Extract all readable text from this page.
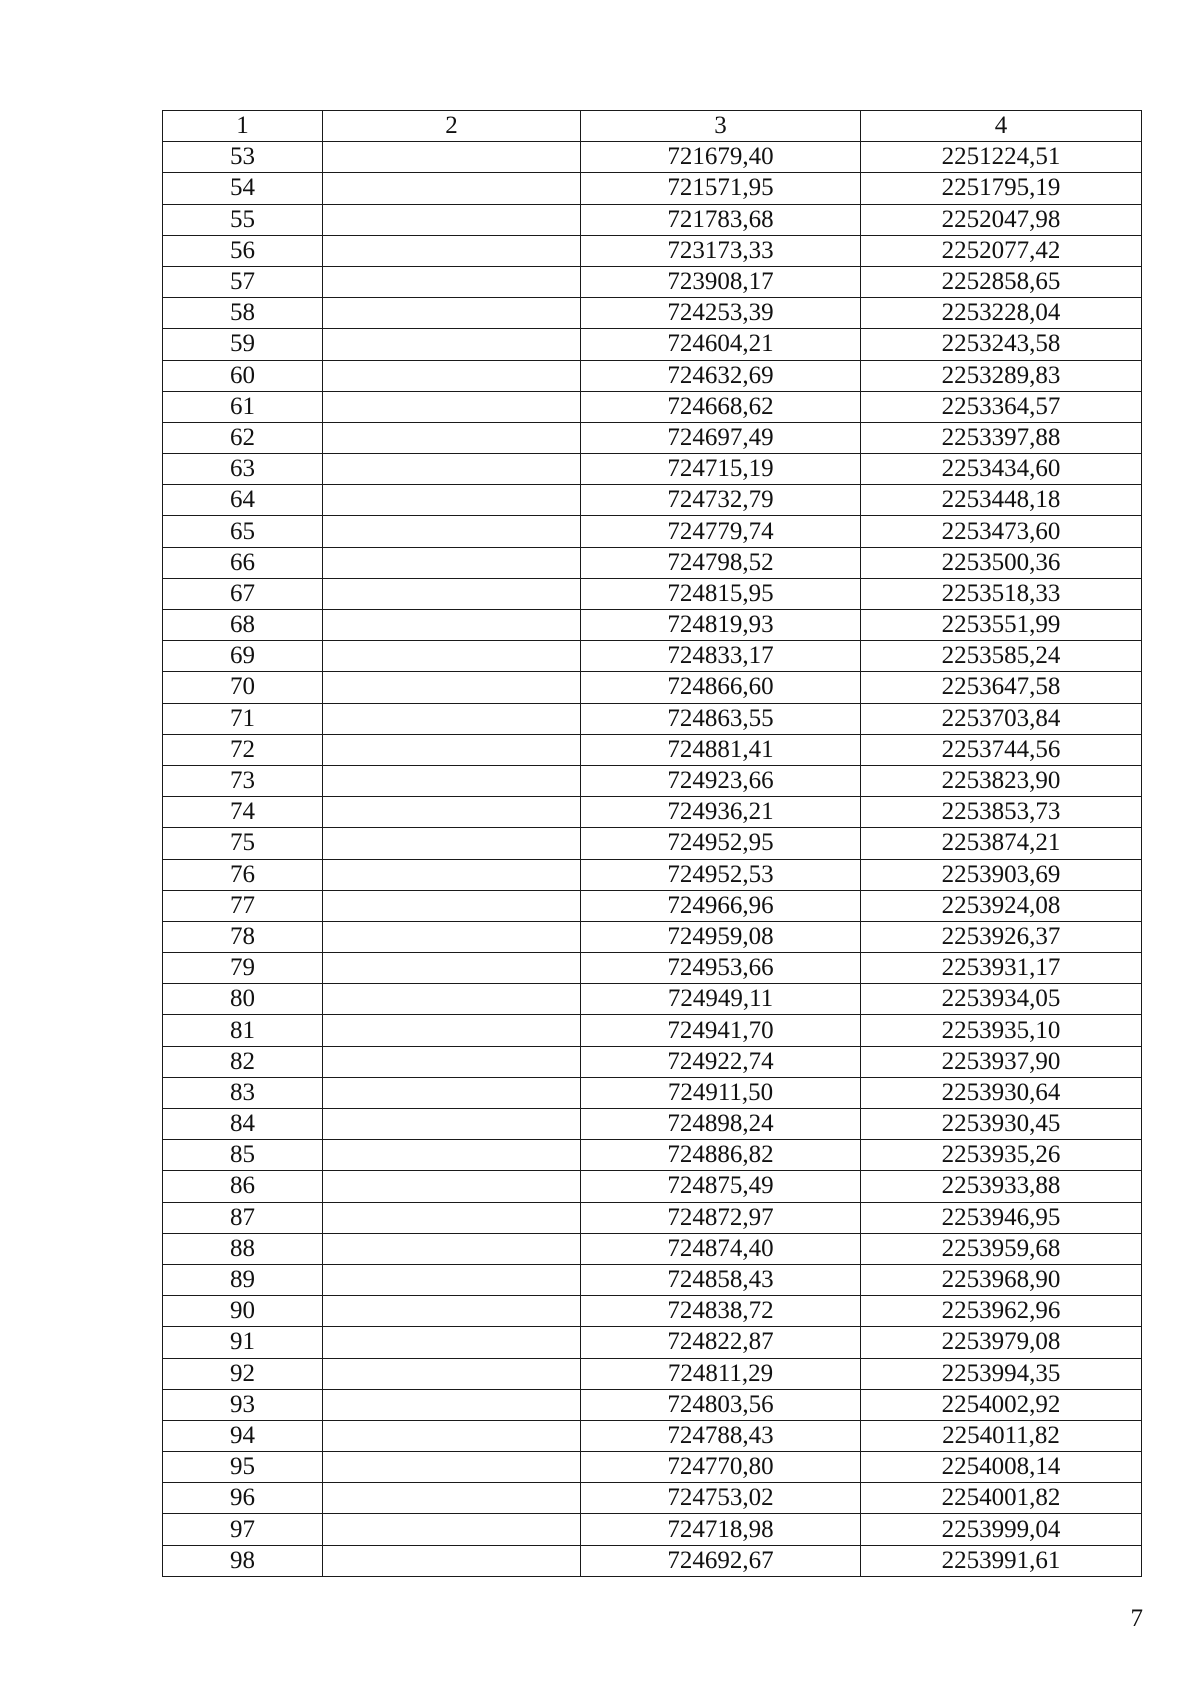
1	2	3	4
53		721679,40	2251224,51
54		721571,95	2251795,19
55		721783,68	2252047,98
56		723173,33	2252077,42
57		723908,17	2252858,65
58		724253,39	2253228,04
59		724604,21	2253243,58
60		724632,69	2253289,83
61		724668,62	2253364,57
62		724697,49	2253397,88
63		724715,19	2253434,60
64		724732,79	2253448,18
65		724779,74	2253473,60
66		724798,52	2253500,36
67		724815,95	2253518,33
68		724819,93	2253551,99
69		724833,17	2253585,24
70		724866,60	2253647,58
71		724863,55	2253703,84
72		724881,41	2253744,56
73		724923,66	2253823,90
74		724936,21	2253853,73
75		724952,95	2253874,21
76		724952,53	2253903,69
77		724966,96	2253924,08
78		724959,08	2253926,37
79		724953,66	2253931,17
80		724949,11	2253934,05
81		724941,70	2253935,10
82		724922,74	2253937,90
83		724911,50	2253930,64
84		724898,24	2253930,45
85		724886,82	2253935,26
86		724875,49	2253933,88
87		724872,97	2253946,95
88		724874,40	2253959,68
89		724858,43	2253968,90
90		724838,72	2253962,96
91		724822,87	2253979,08
92		724811,29	2253994,35
93		724803,56	2254002,92
94		724788,43	2254011,82
95		724770,80	2254008,14
96		724753,02	2254001,82
97		724718,98	2253999,04
98		724692,67	2253991,61
7
